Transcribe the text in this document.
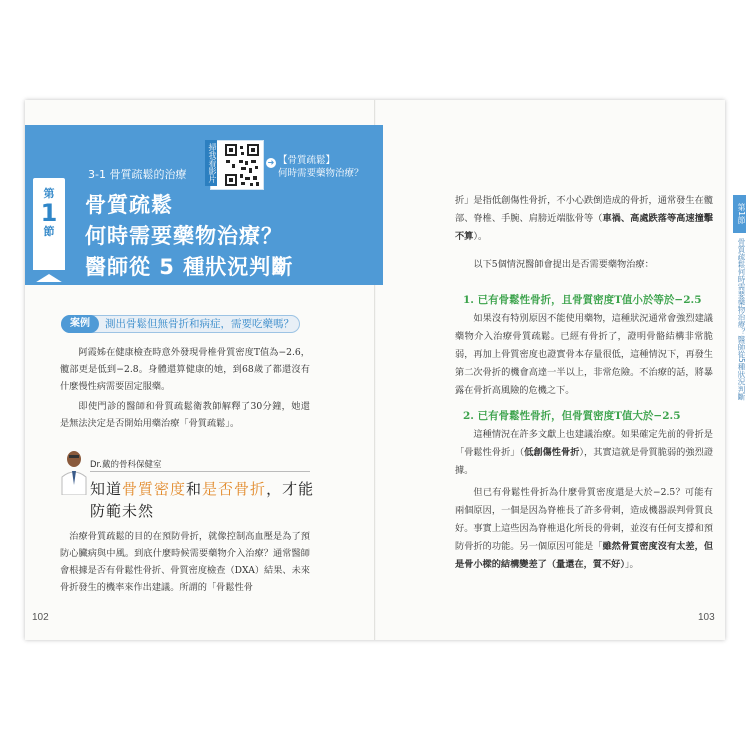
第
1
節
3-1 骨質疏鬆的治療	掃我看影片	➜ 【骨質疏鬆】
何時需要藥物治療？
骨質疏鬆
何時需要藥物治療？
醫師從 5 種狀況判斷
案例	測出骨鬆但無骨折和病症，需要吃藥嗎？
阿霞姊在健康檢查時意外發現骨椎骨質密度T值為−2.6，髖部更是低到−2.8。身體還算健康的她，到68歲了都還沒有什麼慢性病需要固定服藥。
即使門診的醫師和骨質疏鬆衛教師解釋了30分鐘，她還是無法決定是否開始用藥治療「骨質疏鬆」。
Dr.戴的骨科保健室
知道骨質密度和是否骨折，才能防範未然
治療骨質疏鬆的目的在預防骨折，就像控制高血壓是為了預防心臟病與中風。到底什麼時候需要藥物介入治療？通常醫師會根據是否有骨鬆性骨折、骨質密度檢查（DXA）結果、未來骨折發生的機率來作出建議。所謂的「骨鬆性骨
102
折」是指低創傷性骨折，不小心跌倒造成的骨折，通常發生在髖部、脊椎、手腕、肩膀近端肱骨等（車禍、高處跌落等高速撞擊不算）。
以下5個情況醫師會提出是否需要藥物治療：
1. 已有骨鬆性骨折，且骨質密度T值小於等於−2.5
如果沒有特別原因不能使用藥物，這種狀況通常會強烈建議藥物介入治療骨質疏鬆。已經有骨折了，證明骨骼結構非常脆弱，再加上骨質密度也證實骨本存量很低，這種情況下，再發生第二次骨折的機會高達一半以上，非常危險。不治療的話，將暴露在骨折高風險的危機之下。
2. 已有骨鬆性骨折，但骨質密度T值大於−2.5
這種情況在許多文獻上也建議治療。如果確定先前的骨折是「骨鬆性骨折」（低創傷性骨折），其實這就是骨質脆弱的強烈證據。
但已有骨鬆性骨折為什麼骨質密度還是大於−2.5？可能有兩個原因，一個是因為脊椎長了許多骨刺，造成機器誤判骨質良好。事實上這些因為脊椎退化所長的骨刺，並沒有任何支撐和預防骨折的功能。另一個原因可能是「雖然骨質密度沒有太差，但是骨小樑的結構變差了（量還在，質不好）」。
第1節
骨質疏鬆何時需要藥物治療？醫師從5種狀況判斷
103
